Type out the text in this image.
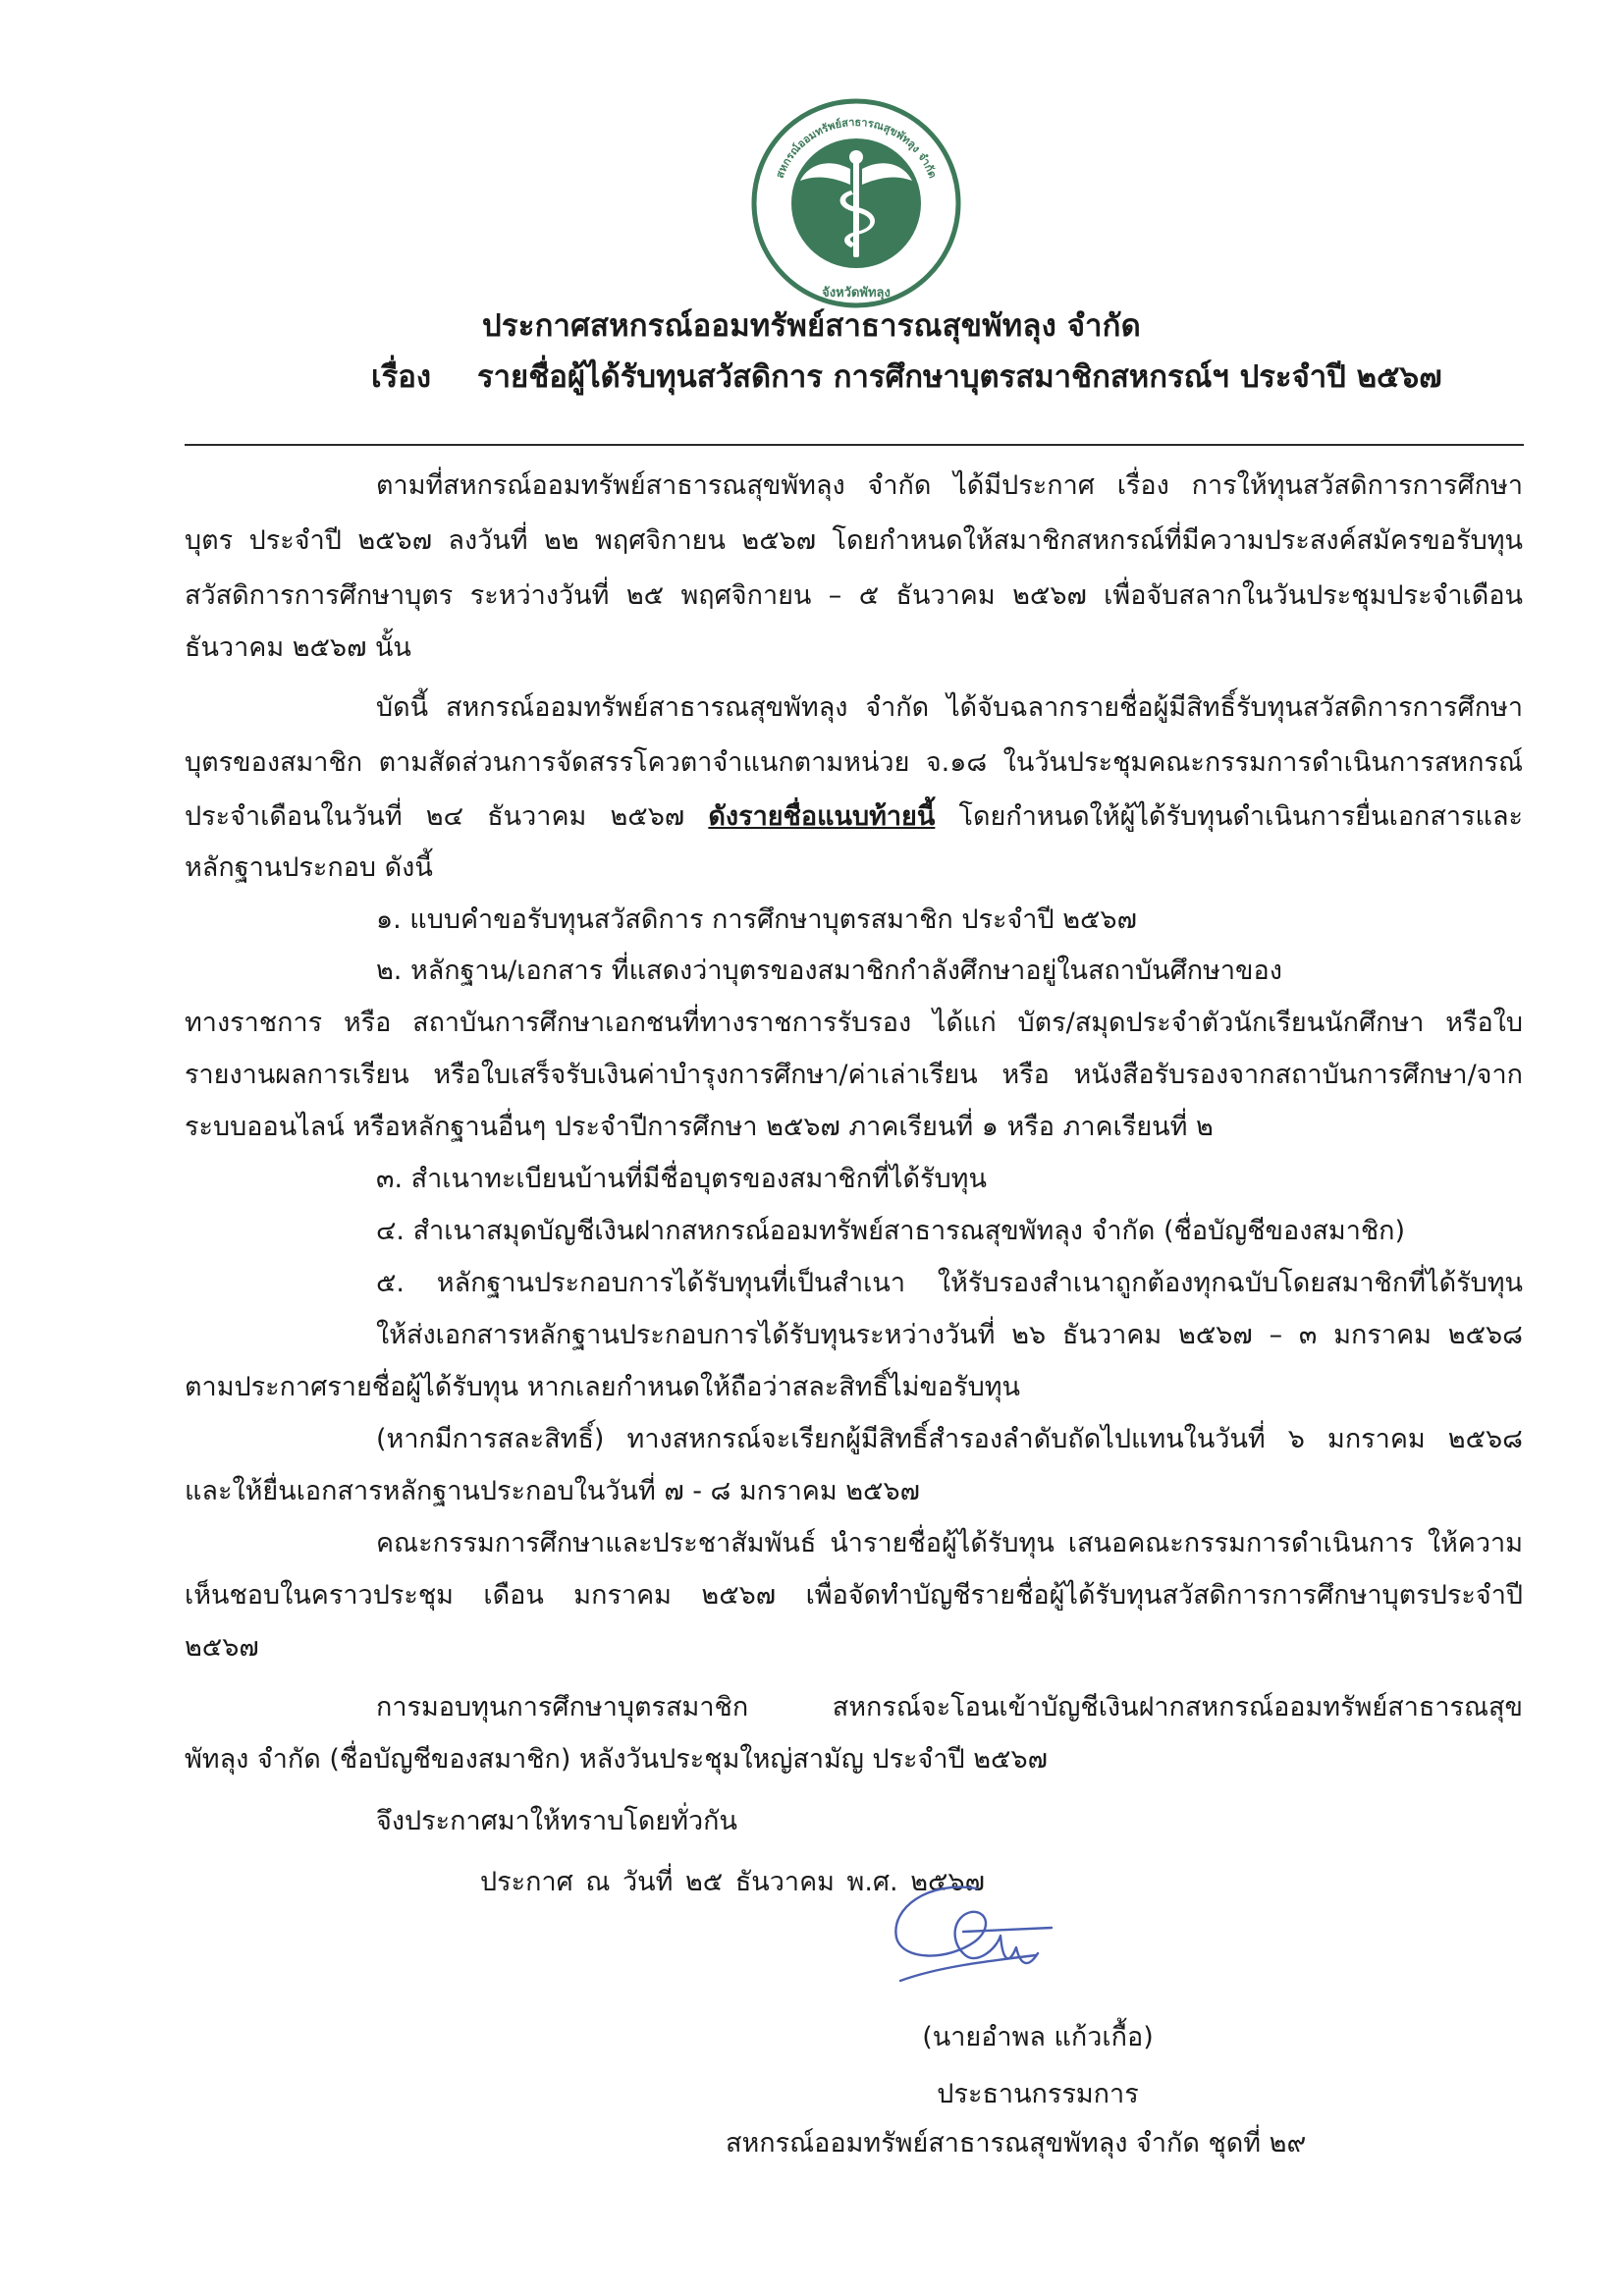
สหกรณ์ออมทรัพย์สาธารณสุขพัทลุง จำกัด
จังหวัดพัทลุง
ประกาศสหกรณ์ออมทรัพย์สาธารณสุขพัทลุง จำกัด
เรื่อง รายชื่อผู้ได้รับทุนสวัสดิการ การศึกษาบุตรสมาชิกสหกรณ์ฯ ประจำปี ๒๕๖๗
ตามที่สหกรณ์ออมทรัพย์สาธารณสุขพัทลุง จำกัด ได้มีประกาศ เรื่อง การให้ทุนสวัสดิการการศึกษา
บุตร ประจำปี ๒๕๖๗ ลงวันที่ ๒๒ พฤศจิกายน ๒๕๖๗ โดยกำหนดให้สมาชิกสหกรณ์ที่มีความประสงค์สมัครขอรับทุน
สวัสดิการการศึกษาบุตร ระหว่างวันที่ ๒๕ พฤศจิกายน – ๕ ธันวาคม ๒๕๖๗ เพื่อจับสลากในวันประชุมประจำเดือน
ธันวาคม ๒๕๖๗ นั้น
บัดนี้ สหกรณ์ออมทรัพย์สาธารณสุขพัทลุง จำกัด ได้จับฉลากรายชื่อผู้มีสิทธิ์รับทุนสวัสดิการการศึกษา
บุตรของสมาชิก ตามสัดส่วนการจัดสรรโควตาจำแนกตามหน่วย จ.๑๘ ในวันประชุมคณะกรรมการดำเนินการสหกรณ์
ประจำเดือนในวันที่ ๒๔ ธันวาคม ๒๕๖๗ ดังรายชื่อแนบท้ายนี้ โดยกำหนดให้ผู้ได้รับทุนดำเนินการยื่นเอกสารและ
หลักฐานประกอบ ดังนี้
๑. แบบคำขอรับทุนสวัสดิการ การศึกษาบุตรสมาชิก ประจำปี ๒๕๖๗
๒. หลักฐาน/เอกสาร ที่แสดงว่าบุตรของสมาชิกกำลังศึกษาอยู่ในสถาบันศึกษาของ
ทางราชการ หรือ สถาบันการศึกษาเอกชนที่ทางราชการรับรอง ได้แก่ บัตร/สมุดประจำตัวนักเรียนนักศึกษา หรือใบ
รายงานผลการเรียน หรือใบเสร็จรับเงินค่าบำรุงการศึกษา/ค่าเล่าเรียน หรือ หนังสือรับรองจากสถาบันการศึกษา/จาก
ระบบออนไลน์ หรือหลักฐานอื่นๆ ประจำปีการศึกษา ๒๕๖๗ ภาคเรียนที่ ๑ หรือ ภาคเรียนที่ ๒
๓. สำเนาทะเบียนบ้านที่มีชื่อบุตรของสมาชิกที่ได้รับทุน
๔. สำเนาสมุดบัญชีเงินฝากสหกรณ์ออมทรัพย์สาธารณสุขพัทลุง จำกัด (ชื่อบัญชีของสมาชิก)
๕. หลักฐานประกอบการได้รับทุนที่เป็นสำเนา ให้รับรองสำเนาถูกต้องทุกฉบับโดยสมาชิกที่ได้รับทุน
ให้ส่งเอกสารหลักฐานประกอบการได้รับทุนระหว่างวันที่ ๒๖ ธันวาคม ๒๕๖๗ – ๓ มกราคม ๒๕๖๘
ตามประกาศรายชื่อผู้ได้รับทุน หากเลยกำหนดให้ถือว่าสละสิทธิ์ไม่ขอรับทุน
(หากมีการสละสิทธิ์) ทางสหกรณ์จะเรียกผู้มีสิทธิ์สำรองลำดับถัดไปแทนในวันที่ ๖ มกราคม ๒๕๖๘
และให้ยื่นเอกสารหลักฐานประกอบในวันที่ ๗ - ๘ มกราคม ๒๕๖๗
คณะกรรมการศึกษาและประชาสัมพันธ์ นำรายชื่อผู้ได้รับทุน เสนอคณะกรรมการดำเนินการ ให้ความ
เห็นชอบในคราวประชุม เดือน มกราคม ๒๕๖๗ เพื่อจัดทำบัญชีรายชื่อผู้ได้รับทุนสวัสดิการการศึกษาบุตรประจำปี
๒๕๖๗
การมอบทุนการศึกษาบุตรสมาชิก        สหกรณ์จะโอนเข้าบัญชีเงินฝากสหกรณ์ออมทรัพย์สาธารณสุข
พัทลุง จำกัด (ชื่อบัญชีของสมาชิก) หลังวันประชุมใหญ่สามัญ ประจำปี ๒๕๖๗
จึงประกาศมาให้ทราบโดยทั่วกัน
ประกาศ ณ วันที่ ๒๕ ธันวาคม พ.ศ. ๒๕๖๗
(นายอำพล แก้วเกื้อ)
ประธานกรรมการ
สหกรณ์ออมทรัพย์สาธารณสุขพัทลุง จำกัด ชุดที่ ๒๙
